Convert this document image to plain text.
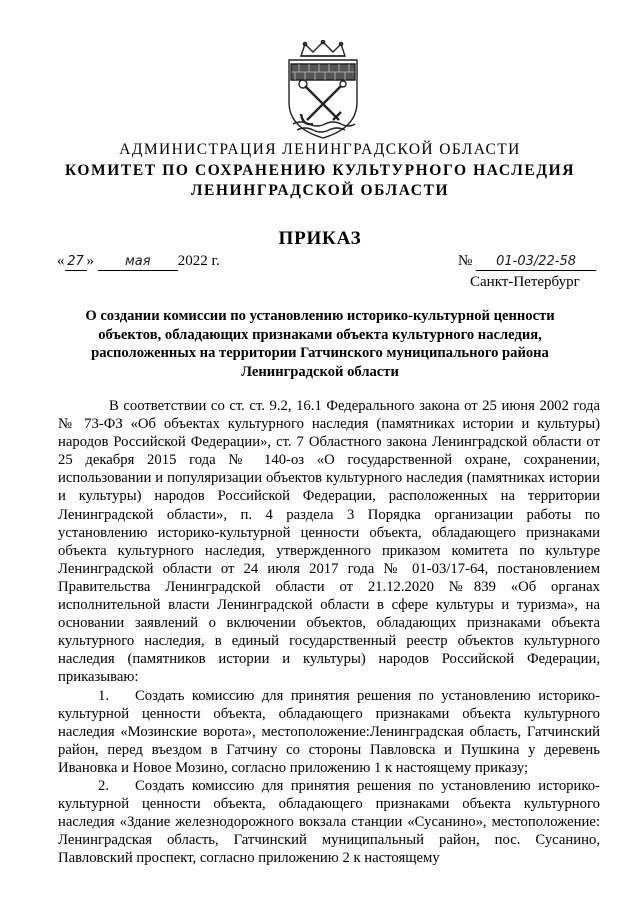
АДМИНИСТРАЦИЯ ЛЕНИНГРАДСКОЙ ОБЛАСТИ
КОМИТЕТ ПО СОХРАНЕНИЮ КУЛЬТУРНОГО НАСЛЕДИЯ
ЛЕНИНГРАДСКОЙ ОБЛАСТИ
ПРИКАЗ
« 27 » мая 2022 г.	№ 01-03/22-58
Санкт-Петербург
О создании комиссии по установлению историко-культурной ценности
объектов, обладающих признаками объекта культурного наследия,
расположенных на территории Гатчинского муниципального района
Ленинградской области

В соответствии со ст. ст. 9.2, 16.1 Федерального закона от 25 июня 2002 года № 73-ФЗ «Об объектах культурного наследия (памятниках истории и культуры) народов Российской Федерации», ст. 7 Областного закона Ленинградской области от 25 декабря 2015 года № 140-оз «О государственной охране, сохранении, использовании и популяризации объектов культурного наследия (памятниках истории и культуры) народов Российской Федерации, расположенных на территории Ленинградской области», п. 4 раздела 3 Порядка организации работы по установлению историко-культурной ценности объекта, обладающего признаками объекта культурного наследия, утвержденного приказом комитета по культуре Ленинградской области от 24 июля 2017 года № 01-03/17-64, постановлением Правительства Ленинградской области от 21.12.2020 №839 «Об органах исполнительной власти Ленинградской области в сфере культуры и туризма», на основании заявлений о включении объектов, обладающих признаками объекта культурного наследия, в единый государственный реестр объектов культурного наследия (памятников истории и культуры) народов Российской Федерации, приказываю:

1. Создать комиссию для принятия решения по установлению историко-культурной ценности объекта, обладающего признаками объекта культурного наследия «Мозинские ворота», местоположение:Ленинградская область, Гатчинский район, перед въездом в Гатчину со стороны Павловска и Пушкина у деревень Ивановка и Новое Мозино, согласно приложению 1 к настоящему приказу;

2. Создать комиссию для принятия решения по установлению историко-культурной ценности объекта, обладающего признаками объекта культурного наследия «Здание железнодорожного вокзала станции «Сусанино», местоположение: Ленинградская область, Гатчинский муниципальный район, пос. Сусанино, Павловский проспект, согласно приложению 2 к настоящему
